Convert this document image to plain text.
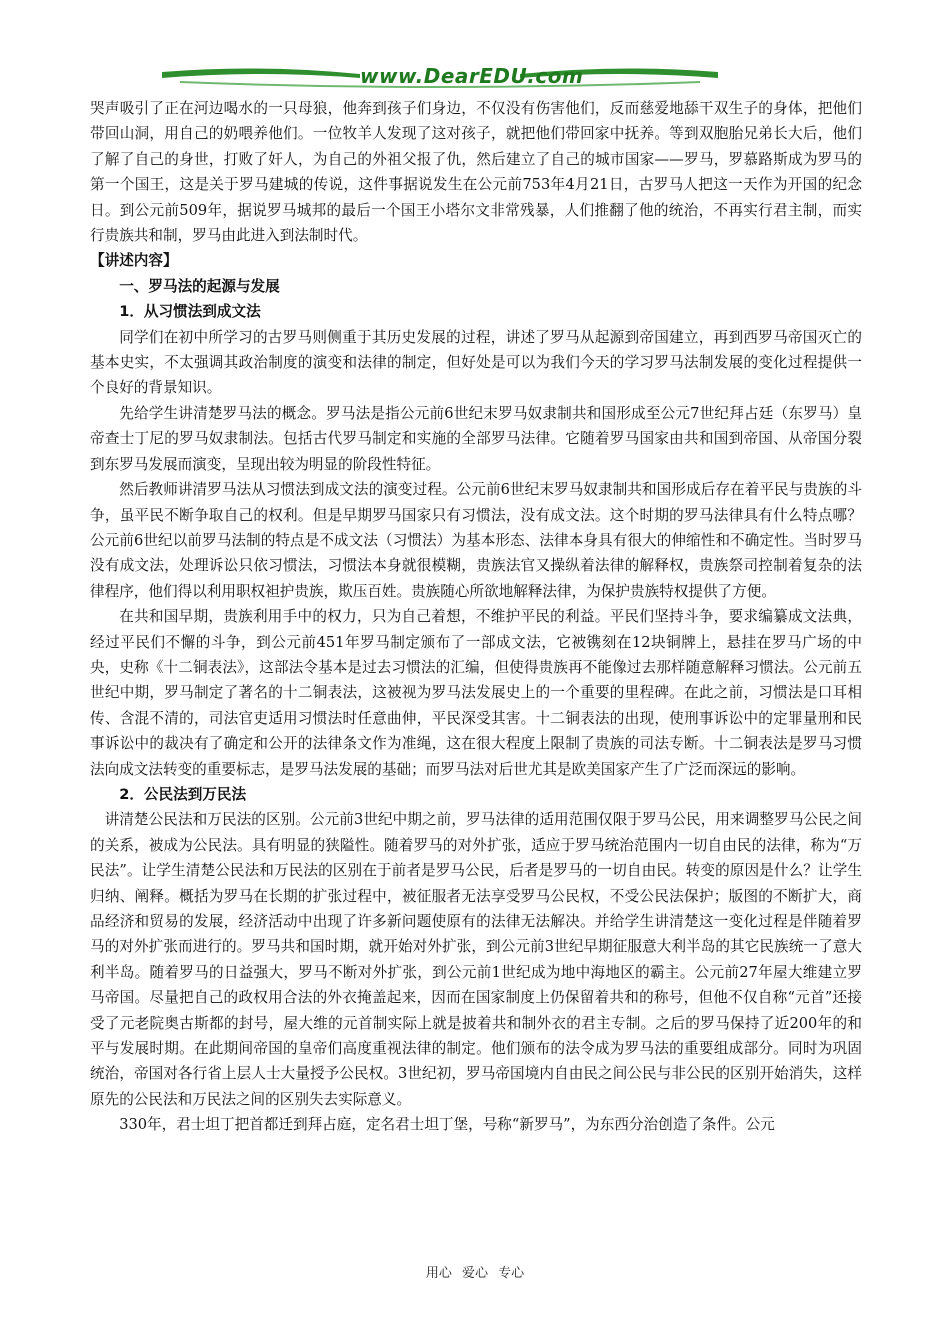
www.DearEDU.com

哭声吸引了正在河边喝水的一只母狼，他奔到孩子们身边，不仅没有伤害他们，反而慈爱地舔干双生子的身体，把他们带回山洞，用自己的奶喂养他们。一位牧羊人发现了这对孩子，就把他们带回家中抚养。等到双胞胎兄弟长大后，他们了解了自己的身世，打败了奸人，为自己的外祖父报了仇，然后建立了自己的城市国家——罗马，罗慕路斯成为罗马的第一个国王，这是关于罗马建城的传说，这件事据说发生在公元前753年4月21日，古罗马人把这一天作为开国的纪念日。到公元前509年，据说罗马城邦的最后一个国王小塔尔文非常残暴，人们推翻了他的统治，不再实行君主制，而实行贵族共和制，罗马由此进入到法制时代。

【讲述内容】

一、罗马法的起源与发展

1．从习惯法到成文法

同学们在初中所学习的古罗马则侧重于其历史发展的过程，讲述了罗马从起源到帝国建立，再到西罗马帝国灭亡的基本史实，不太强调其政治制度的演变和法律的制定，但好处是可以为我们今天的学习罗马法制发展的变化过程提供一个良好的背景知识。

先给学生讲清楚罗马法的概念。罗马法是指公元前6世纪末罗马奴隶制共和国形成至公元7世纪拜占廷（东罗马）皇帝查士丁尼的罗马奴隶制法。包括古代罗马制定和实施的全部罗马法律。它随着罗马国家由共和国到帝国、从帝国分裂到东罗马发展而演变，呈现出较为明显的阶段性特征。

然后教师讲清罗马法从习惯法到成文法的演变过程。公元前6世纪末罗马奴隶制共和国形成后存在着平民与贵族的斗争，虽平民不断争取自己的权利。但是早期罗马国家只有习惯法，没有成文法。这个时期的罗马法律具有什么特点哪？公元前6世纪以前罗马法制的特点是不成文法（习惯法）为基本形态、法律本身具有很大的伸缩性和不确定性。当时罗马没有成文法，处理诉讼只依习惯法，习惯法本身就很模糊，贵族法官又操纵着法律的解释权，贵族祭司控制着复杂的法律程序，他们得以利用职权袒护贵族，欺压百姓。贵族随心所欲地解释法律，为保护贵族特权提供了方便。

在共和国早期，贵族利用手中的权力，只为自己着想，不维护平民的利益。平民们坚持斗争，要求编纂成文法典，经过平民们不懈的斗争，到公元前451年罗马制定颁布了一部成文法，它被镌刻在12块铜牌上，悬挂在罗马广场的中央，史称《十二铜表法》，这部法令基本是过去习惯法的汇编，但使得贵族再不能像过去那样随意解释习惯法。公元前五世纪中期，罗马制定了著名的十二铜表法，这被视为罗马法发展史上的一个重要的里程碑。在此之前，习惯法是口耳相传、含混不清的，司法官吏适用习惯法时任意曲伸，平民深受其害。十二铜表法的出现，使刑事诉讼中的定罪量刑和民事诉讼中的裁决有了确定和公开的法律条文作为准绳，这在很大程度上限制了贵族的司法专断。十二铜表法是罗马习惯法向成文法转变的重要标志，是罗马法发展的基础；而罗马法对后世尤其是欧美国家产生了广泛而深远的影响。

2．公民法到万民法

讲清楚公民法和万民法的区别。公元前3世纪中期之前，罗马法律的适用范围仅限于罗马公民，用来调整罗马公民之间的关系，被成为公民法。具有明显的狭隘性。随着罗马的对外扩张，适应于罗马统治范围内一切自由民的法律，称为“万民法”。让学生清楚公民法和万民法的区别在于前者是罗马公民，后者是罗马的一切自由民。转变的原因是什么？让学生归纳、阐释。概括为罗马在长期的扩张过程中，被征服者无法享受罗马公民权，不受公民法保护；版图的不断扩大，商品经济和贸易的发展，经济活动中出现了许多新问题使原有的法律无法解决。并给学生讲清楚这一变化过程是伴随着罗马的对外扩张而进行的。罗马共和国时期，就开始对外扩张，到公元前3世纪早期征服意大利半岛的其它民族统一了意大利半岛。随着罗马的日益强大，罗马不断对外扩张，到公元前1世纪成为地中海地区的霸主。公元前27年屋大维建立罗马帝国。尽量把自己的政权用合法的外衣掩盖起来，因而在国家制度上仍保留着共和的称号，但他不仅自称“元首”还接受了元老院奥古斯都的封号，屋大维的元首制实际上就是披着共和制外衣的君主专制。之后的罗马保持了近200年的和平与发展时期。在此期间帝国的皇帝们高度重视法律的制定。他们颁布的法令成为罗马法的重要组成部分。同时为巩固统治，帝国对各行省上层人士大量授予公民权。3世纪初，罗马帝国境内自由民之间公民与非公民的区别开始消失，这样原先的公民法和万民法之间的区别失去实际意义。

330年，君士坦丁把首都迁到拜占庭，定名君士坦丁堡，号称“新罗马”，为东西分治创造了条件。公元

用心 爱心 专心
